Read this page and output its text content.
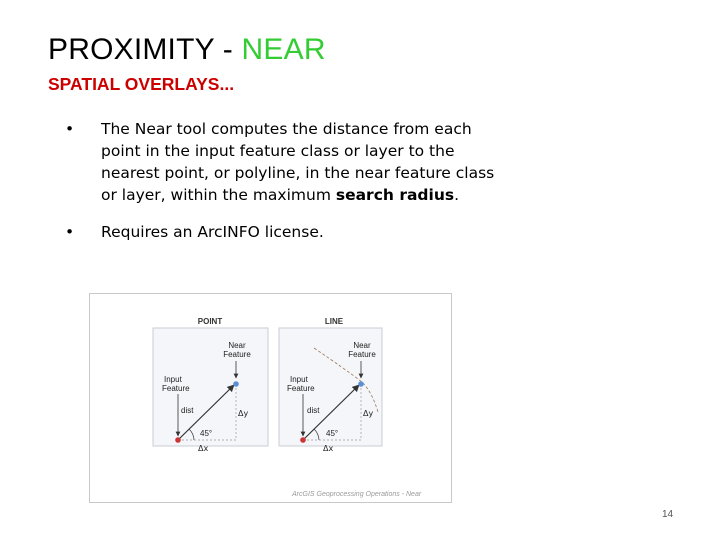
PROXIMITY - NEAR
SPATIAL OVERLAYS...
• The Near tool computes the distance from each point in the input feature class or layer to the nearest point, or polyline, in the near feature class or layer, within the maximum search radius.
• Requires an ArcINFO license.
POINT
Near
Feature
Input
Feature
dist
45°
Δy
Δx
LINE
Near
Feature
Input
Feature
dist
45°
Δy
Δx
ArcGIS Geoprocessing Operations - Near
14
